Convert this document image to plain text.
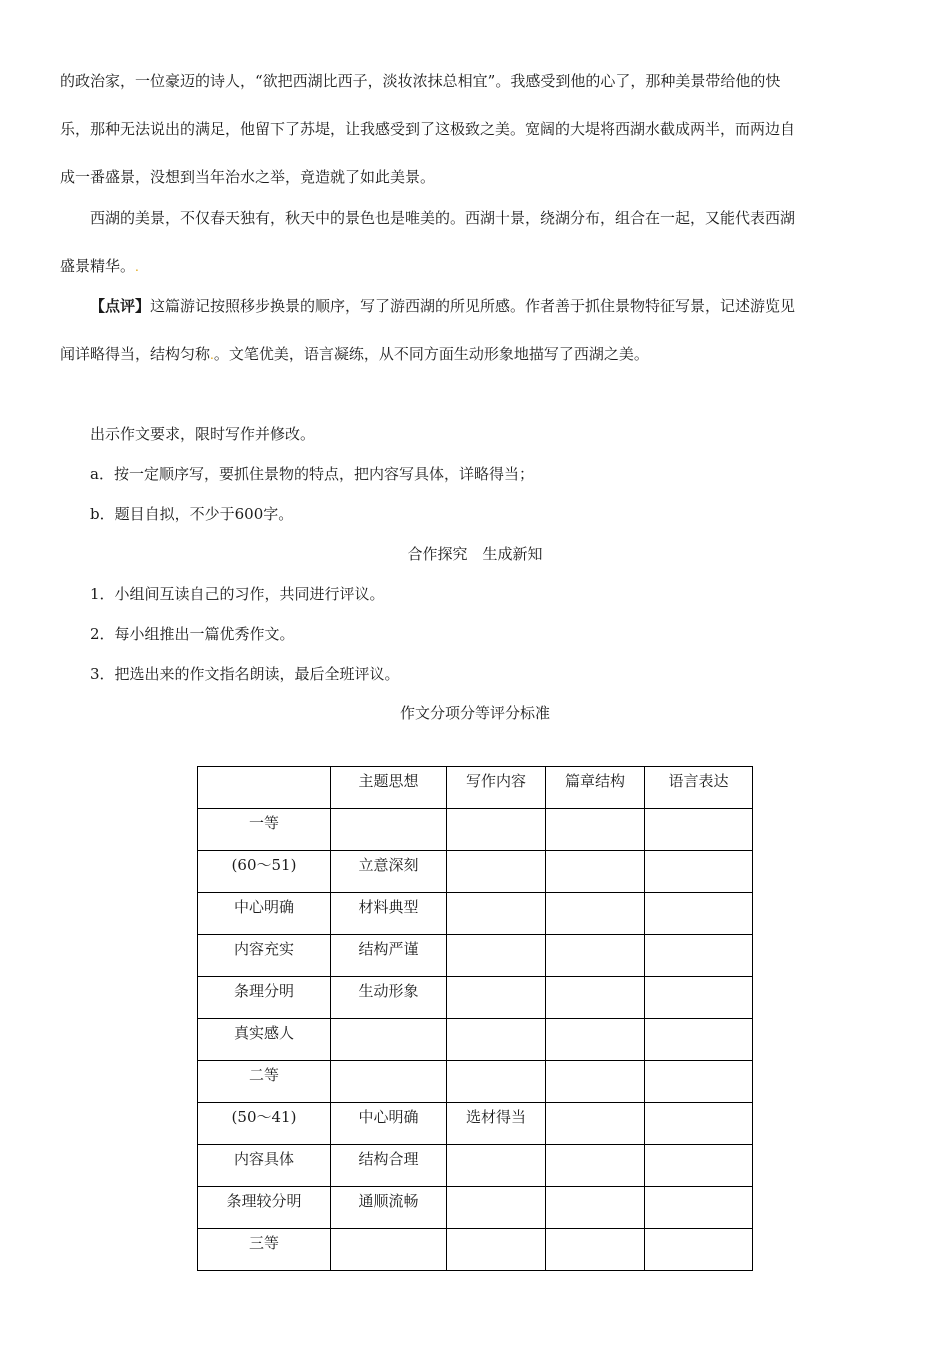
的政治家，一位豪迈的诗人，“欲把西湖比西子，淡妆浓抹总相宜”。我感受到他的心了，那种美景带给他的快
乐，那种无法说出的满足，他留下了苏堤，让我感受到了这极致之美。宽阔的大堤将西湖水截成两半，而两边自
成一番盛景，没想到当年治水之举，竟造就了如此美景。
西湖的美景，不仅春天独有，秋天中的景色也是唯美的。西湖十景，绕湖分布，组合在一起，又能代表西湖
盛景精华。.
【点评】这篇游记按照移步换景的顺序，写了游西湖的所见所感。作者善于抓住景物特征写景，记述游览见
闻详略得当，结构匀称.。文笔优美，语言凝练，从不同方面生动形象地描写了西湖之美。
出示作文要求，限时写作并修改。
a．按一定顺序写，要抓住景物的特点，把内容写具体，详略得当；
b．题目自拟，不少于600字。
合作探究　生成新知
1．小组间互读自己的习作，共同进行评议。
2．每小组推出一篇优秀作文。
3．把选出来的作文指名朗读，最后全班评议。
作文分项分等评分标准
	主题思想	写作内容	篇章结构	语言表达
一等				
(60～51)	立意深刻			
中心明确	材料典型			
内容充实	结构严谨			
条理分明	生动形象			
真实感人				
二等				
(50～41)	中心明确	选材得当		
内容具体	结构合理			
条理较分明	通顺流畅			
三等				
